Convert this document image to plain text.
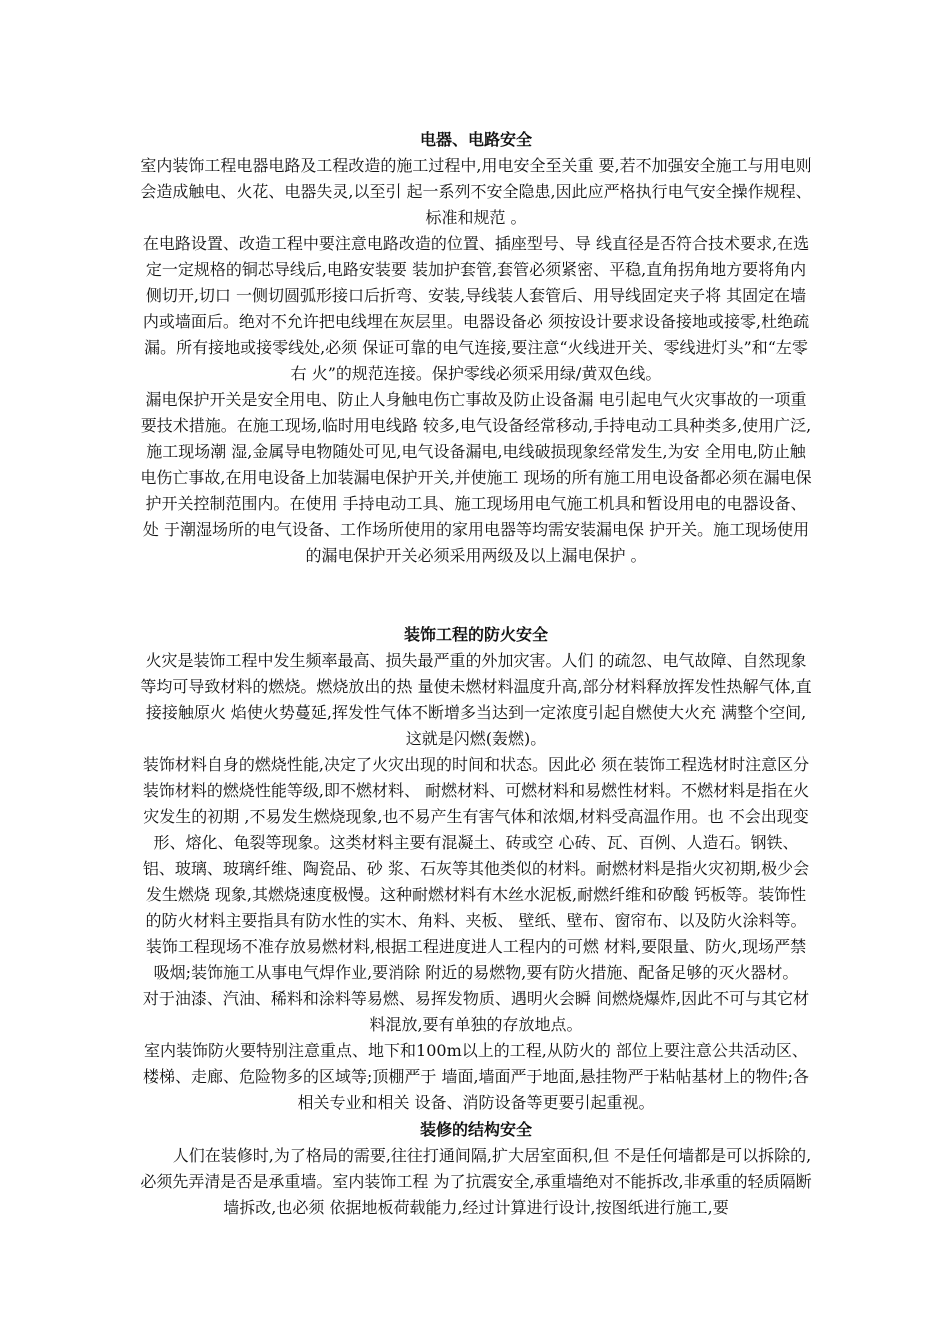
电器、电路安全

室内装饰工程电器电路及工程改造的施工过程中,用电安全至关重 要,若不加强安全施工与用电则会造成触电、火花、电器失灵,以至引 起一系列不安全隐患,因此应严格执行电气安全操作规程、标准和规范 。

在电路设置、改造工程中要注意电路改造的位置、插座型号、导 线直径是否符合技术要求,在选定一定规格的铜芯导线后,电路安装要 装加护套管,套管必须紧密、平稳,直角拐角地方要将角内侧切开,切口 一侧切圆弧形接口后折弯、安装,导线装人套管后、用导线固定夹子将 其固定在墙内或墙面后。绝对不允许把电线埋在灰层里。电器设备必 须按设计要求设备接地或接零,杜绝疏漏。所有接地或接零线处,必须 保证可靠的电气连接,要注意“火线进开关、零线进灯头”和“左零右 火”的规范连接。保护零线必须采用绿/黄双色线。

漏电保护开关是安全用电、防止人身触电伤亡事故及防止设备漏 电引起电气火灾事故的一项重要技术措施。在施工现场,临时用电线路 较多,电气设备经常移动,手持电动工具种类多,使用广泛,施工现场潮 湿,金属导电物随处可见,电气设备漏电,电线破损现象经常发生,为安 全用电,防止触电伤亡事故,在用电设备上加装漏电保护开关,并使施工 现场的所有施工用电设备都必须在漏电保护开关控制范围内。在使用 手持电动工具、施工现场用电气施工机具和暂设用电的电器设备、处 于潮湿场所的电气设备、工作场所使用的家用电器等均需安装漏电保 护开关。施工现场使用的漏电保护开关必须采用两级及以上漏电保护 。

装饰工程的防火安全

火灾是装饰工程中发生频率最高、损失最严重的外加灾害。人们 的疏忽、电气故障、自然现象等均可导致材料的燃烧。燃烧放出的热 量使未燃材料温度升高,部分材料释放挥发性热解气体,直接接触原火 焰使火势蔓延,挥发性气体不断增多当达到一定浓度引起自燃使大火充 满整个空间,这就是闪燃(轰燃)。

装饰材料自身的燃烧性能,决定了火灾出现的时间和状态。因此必 须在装饰工程选材时注意区分装饰材料的燃烧性能等级,即不燃材料、 耐燃材料、可燃材料和易燃性材料。不燃材料是指在火灾发生的初期 ,不易发生燃烧现象,也不易产生有害气体和浓烟,材料受高温作用。也 不会出现变形、熔化、龟裂等现象。这类材料主要有混凝土、砖或空 心砖、瓦、百例、人造石。钢铁、铝、玻璃、玻璃纤维、陶瓷品、砂 浆、石灰等其他类似的材料。耐燃材料是指火灾初期,极少会发生燃烧 现象,其燃烧速度极慢。这种耐燃材料有木丝水泥板,耐燃纤维和矽酸 钙板等。装饰性的防火材料主要指具有防水性的实木、角料、夹板、 壁纸、壁布、窗帘布、以及防火涂料等。

装饰工程现场不准存放易燃材料,根据工程进度进人工程内的可燃 材料,要限量、防火,现场严禁吸烟;装饰施工从事电气焊作业,要消除 附近的易燃物,要有防火措施、配备足够的灭火器材。

对于油漆、汽油、稀料和涂料等易燃、易挥发物质、遇明火会瞬 间燃烧爆炸,因此不可与其它材料混放,要有单独的存放地点。

室内装饰防火要特别注意重点、地下和100m以上的工程,从防火的 部位上要注意公共活动区、楼梯、走廊、危险物多的区域等;顶棚严于 墙面,墙面严于地面,悬挂物严于粘帖基材上的物件;各相关专业和相关 设备、消防设备等更要引起重视。

装修的结构安全

人们在装修时,为了格局的需要,往往打通间隔,扩大居室面积,但 不是任何墙都是可以拆除的,必须先弄清是否是承重墙。室内装饰工程 为了抗震安全,承重墙绝对不能拆改,非承重的轻质隔断墙拆改,也必须 依据地板荷载能力,经过计算进行设计,按图纸进行施工,要
